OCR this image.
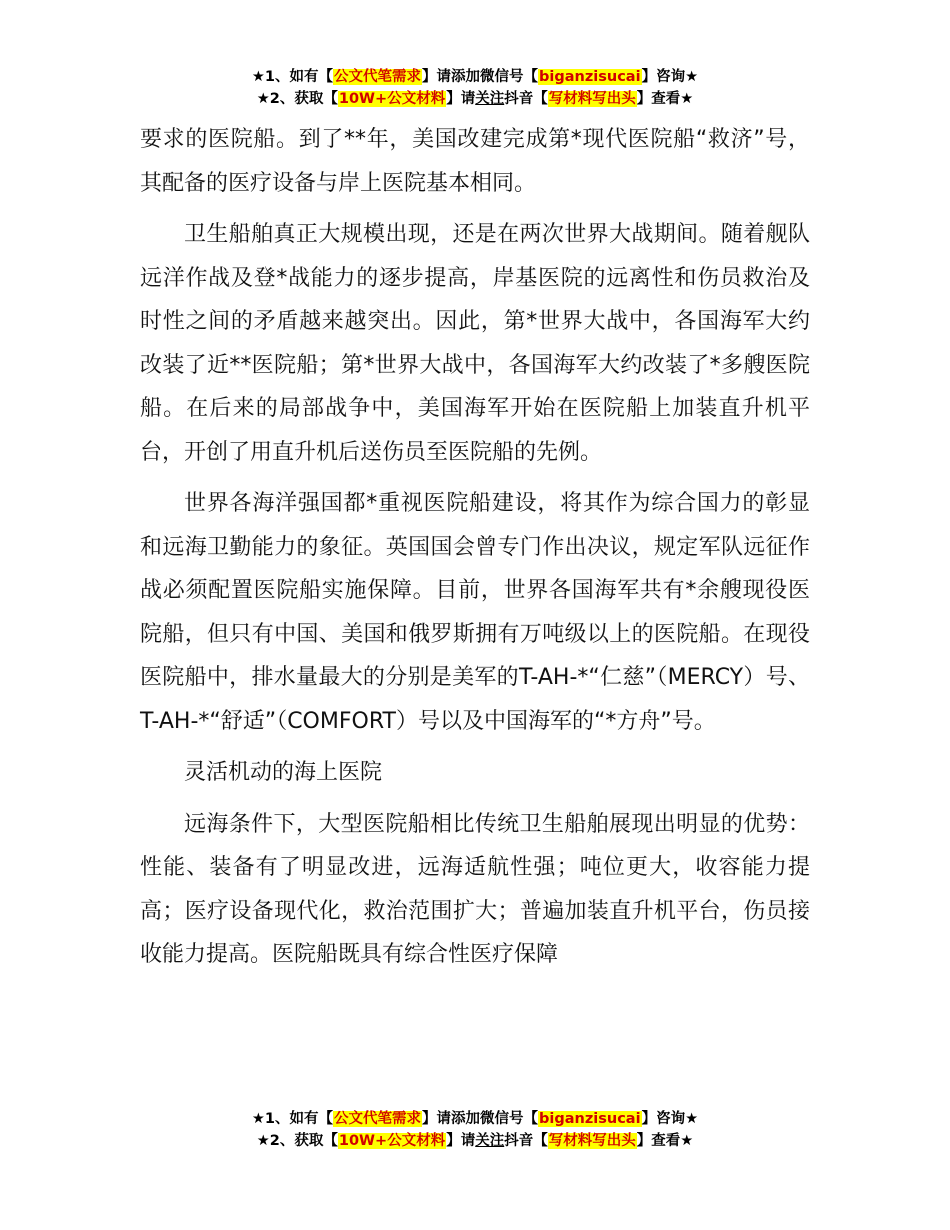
★1、如有【公文代笔需求】请添加微信号【biganzisucai】咨询★
★2、获取【10W+公文材料】请关注抖音【写材料写出头】查看★

要求的医院船。到了**年，美国改建完成第*现代医院船“救济”号，其配备的医疗设备与岸上医院基本相同。

卫生船舶真正大规模出现，还是在两次世界大战期间。随着舰队远洋作战及登*战能力的逐步提高，岸基医院的远离性和伤员救治及时性之间的矛盾越来越突出。因此，第*世界大战中，各国海军大约改装了近**医院船；第*世界大战中，各国海军大约改装了*多艘医院船。在后来的局部战争中，美国海军开始在医院船上加装直升机平台，开创了用直升机后送伤员至医院船的先例。

世界各海洋强国都*重视医院船建设，将其作为综合国力的彰显和远海卫勤能力的象征。英国国会曾专门作出决议，规定军队远征作战必须配置医院船实施保障。目前，世界各国海军共有*余艘现役医院船，但只有中国、美国和俄罗斯拥有万吨级以上的医院船。在现役医院船中，排水量最大的分别是美军的T-AH-*“仁慈”（MERCY）号、T-AH-*“舒适”（COMFORT）号以及中国海军的“*方舟”号。

灵活机动的海上医院

远海条件下，大型医院船相比传统卫生船舶展现出明显的优势：性能、装备有了明显改进，远海适航性强；吨位更大，收容能力提高；医疗设备现代化，救治范围扩大；普遍加装直升机平台，伤员接收能力提高。医院船既具有综合性医疗保障

★1、如有【公文代笔需求】请添加微信号【biganzisucai】咨询★
★2、获取【10W+公文材料】请关注抖音【写材料写出头】查看★
